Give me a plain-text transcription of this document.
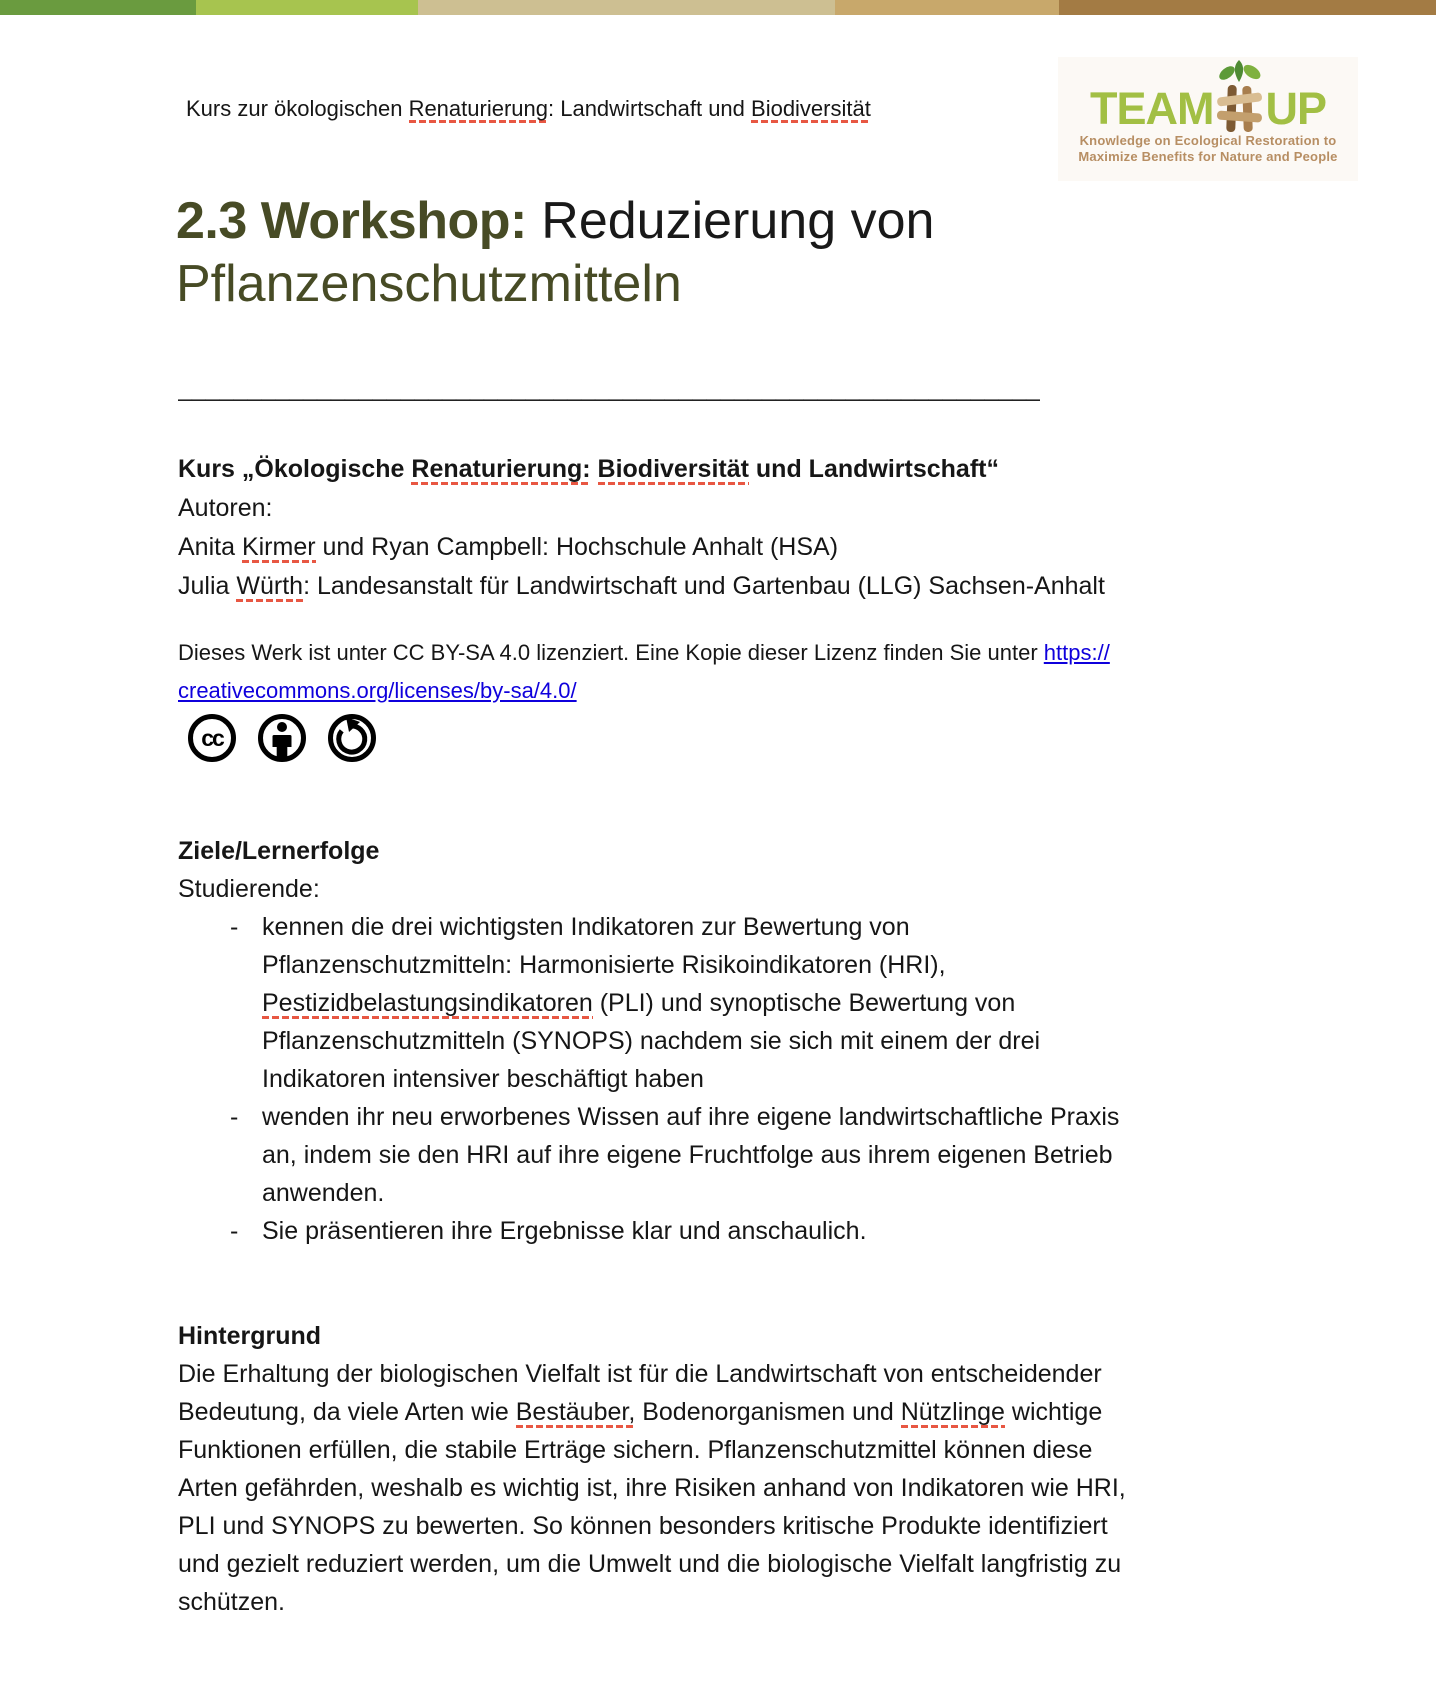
Kurs zur ökologischen Renaturierung: Landwirtschaft und Biodiversität	TEAM UP
Knowledge on Ecological Restoration to
Maximize Benefits for Nature and People
2.3 Workshop: Reduzierung von
Pflanzenschutzmitteln
______________________________________________________________
Kurs „Ökologische Renaturierung: Biodiversität und Landwirtschaft“
Autoren:
Anita Kirmer und Ryan Campbell: Hochschule Anhalt (HSA)
Julia Würth: Landesanstalt für Landwirtschaft und Gartenbau (LLG) Sachsen-Anhalt
Dieses Werk ist unter CC BY-SA 4.0 lizenziert. Eine Kopie dieser Lizenz finden Sie unter https://
creativecommons.org/licenses/by-sa/4.0/
cc
Ziele/Lernerfolge
Studierende:
- kennen die drei wichtigsten Indikatoren zur Bewertung von
Pflanzenschutzmitteln: Harmonisierte Risikoindikatoren (HRI),
Pestizidbelastungsindikatoren (PLI) und synoptische Bewertung von
Pflanzenschutzmitteln (SYNOPS) nachdem sie sich mit einem der drei
Indikatoren intensiver beschäftigt haben
- wenden ihr neu erworbenes Wissen auf ihre eigene landwirtschaftliche Praxis
an, indem sie den HRI auf ihre eigene Fruchtfolge aus ihrem eigenen Betrieb
anwenden.
- Sie präsentieren ihre Ergebnisse klar und anschaulich.
Hintergrund
Die Erhaltung der biologischen Vielfalt ist für die Landwirtschaft von entscheidender
Bedeutung, da viele Arten wie Bestäuber, Bodenorganismen und Nützlinge wichtige
Funktionen erfüllen, die stabile Erträge sichern. Pflanzenschutzmittel können diese
Arten gefährden, weshalb es wichtig ist, ihre Risiken anhand von Indikatoren wie HRI,
PLI und SYNOPS zu bewerten. So können besonders kritische Produkte identifiziert
und gezielt reduziert werden, um die Umwelt und die biologische Vielfalt langfristig zu
schützen.
